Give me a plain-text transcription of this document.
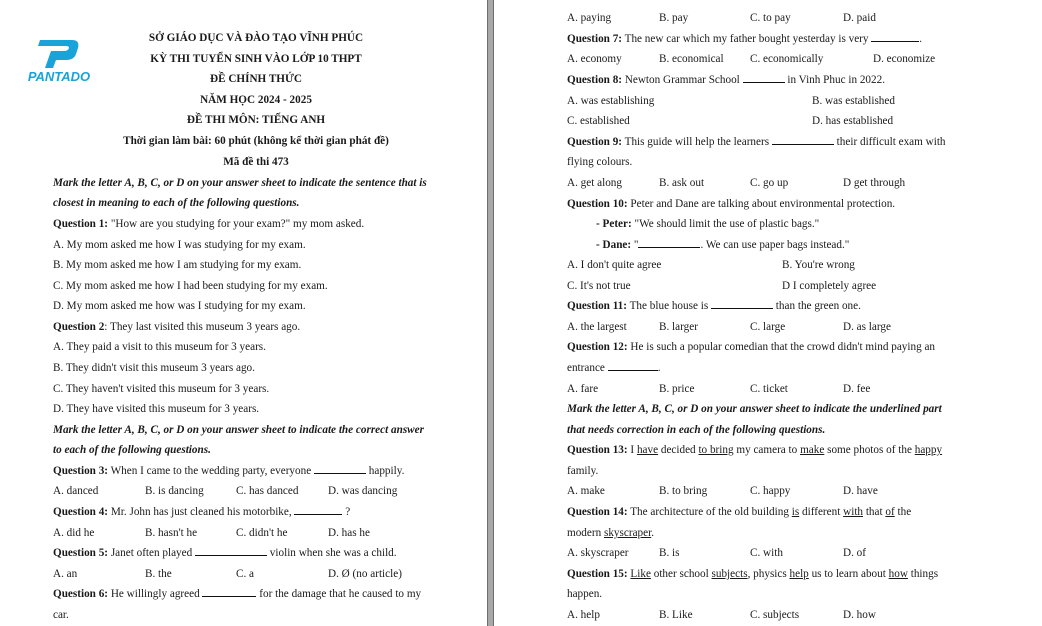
PANTADO
SỞ GIÁO DỤC VÀ ĐÀO TẠO VĨNH PHÚC
KỲ THI TUYỂN SINH VÀO LỚP 10 THPT
ĐỀ CHÍNH THỨC
NĂM HỌC 2024 - 2025
ĐỀ THI MÔN: TIẾNG ANH
Thời gian làm bài: 60 phút (không kể thời gian phát đề)
Mã đề thi 473
Mark the letter A, B, C, or D on your answer sheet to indicate the sentence that is
closest in meaning to each of the following questions.
Question 1: "How are you studying for your exam?" my mom asked.
A. My mom asked me how I was studying for my exam.
B. My mom asked me how I am studying for my exam.
C. My mom asked me how I had been studying for my exam.
D. My mom asked me how was I studying for my exam.
Question 2: They last visited this museum 3 years ago.
A. They paid a visit to this museum for 3 years.
B. They didn't visit this museum 3 years ago.
C. They haven't visited this museum for 3 years.
D. They have visited this museum for 3 years.
Mark the letter A, B, C, or D on your answer sheet to indicate the correct answer
to each of the following questions.
Question 3: When I came to the wedding party, everyone	happily.
A. danced	B. is dancing	C. has danced	D. was dancing
Question 4: Mr. John has just cleaned his motorbike,	?
A. did he	B. hasn't he	C. didn't he	D. has he
Question 5: Janet often played	violin when she was a child.
A. an	B. the	C. a	D. Ø (no article)
Question 6: He willingly agreed	for the damage that he caused to my
car.
A. paying	B. pay	C. to pay	D. paid
Question 7: The new car which my father bought yesterday is very	.
A. economy	B. economical C. economically	D. economize
Question 8: Newton Grammar School	in Vinh Phuc in 2022.
A. was establishing	B. was established
C. established	D. has established
Question 9: This guide will help the learners	their difficult exam with
flying colours.
A. get along	B. ask out	C. go up	D get through
Question 10: Peter and Dane are talking about environmental protection.
- Peter: "We should limit the use of plastic bags."
- Dane: "	. We can use paper bags instead."
A. I don't quite agree	B. You're wrong
C. It's not true	D I completely agree
Question 11: The blue house is	than the green one.
A. the largest	B. larger	C. large	D. as large
Question 12: He is such a popular comedian that the crowd didn't mind paying an
entrance	.
A. fare	B. price	C. ticket	D. fee
Mark the letter A, B, C, or D on your answer sheet to indicate the underlined part
that needs correction in each of the following questions.
Question 13: I have decided to bring my camera to make some photos of the happy
family.
A. make	B. to bring	C. happy	D. have
Question 14: The architecture of the old building is different with that of the
modern skyscraper.
A. skyscraper	B. is	C. with	D. of
Question 15: Like other school subjects, physics help us to learn about how things
happen.
A. help	B. Like	C. subjects	D. how
